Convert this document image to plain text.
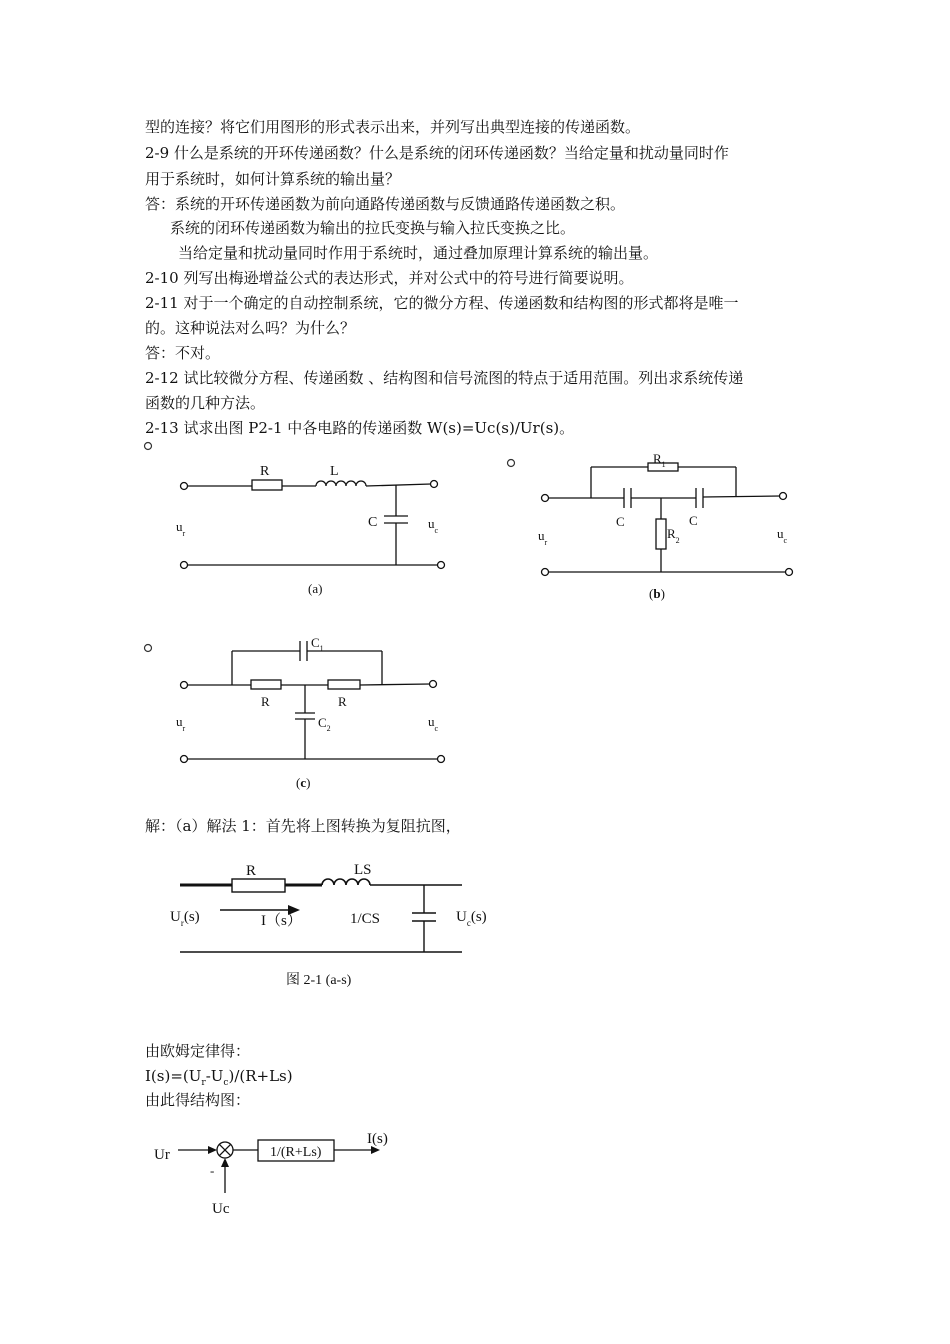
型的连接？将它们用图形的形式表示出来，并列写出典型连接的传递函数。
2-9 什么是系统的开环传递函数？什么是系统的闭环传递函数？当给定量和扰动量同时作
用于系统时，如何计算系统的输出量？
答：系统的开环传递函数为前向通路传递函数与反馈通路传递函数之积。
系统的闭环传递函数为输出的拉氏变换与输入拉氏变换之比。
当给定量和扰动量同时作用于系统时，通过叠加原理计算系统的输出量。
2-10 列写出梅逊增益公式的表达形式，并对公式中的符号进行简要说明。
2-11 对于一个确定的自动控制系统，它的微分方程、传递函数和结构图的形式都将是唯一
的。这种说法对么吗？为什么？
答：不对。
2-12 试比较微分方程、传递函数 、结构图和信号流图的特点于适用范围。列出求系统传递
函数的几种方法。
2-13 试求出图 P2-1 中各电路的传递函数 W(s)=Uc(s)/Ur(s)。
R	L
C
$u_r$
$u_c$
(a)
$R_1$
C	C
$R_2$
$u_r$
$u_c$
(b)
$C_1$
R	R
$C_2$
$u_r$	$u_c$
(c)
解：（a）解法 1：首先将上图转换为复阻抗图，
R	LS
1/CS
$U_r(s)$	I（s）	$U_c(s)$
图 2-1 (a-s)
由欧姆定律得：
$I(s)=(U_r-U_c)/(R+Ls)$
由此得结构图：
Ur	1/(R+Ls)
I(s)
-
Uc
